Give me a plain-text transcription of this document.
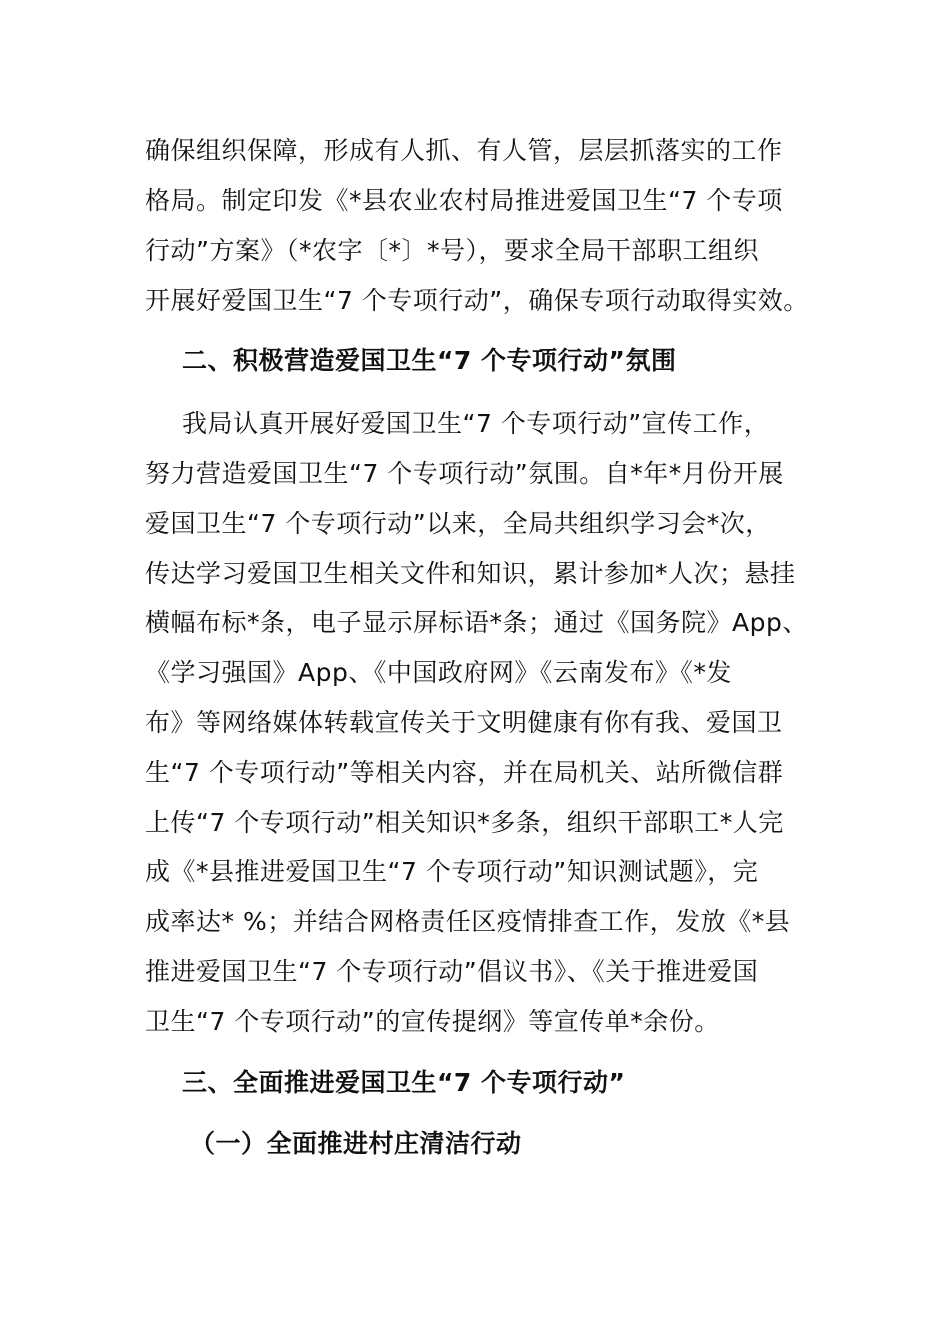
确保组织保障，形成有人抓、有人管，层层抓落实的工作
格局。制定印发《*县农业农村局推进爱国卫生“7 个专项
行动”方案》（*农字〔*〕*号），要求全局干部职工组织
开展好爱国卫生“7 个专项行动”，确保专项行动取得实效。
二、积极营造爱国卫生“7 个专项行动”氛围
我局认真开展好爱国卫生“7 个专项行动”宣传工作，
努力营造爱国卫生“7 个专项行动”氛围。自*年*月份开展
爱国卫生“7 个专项行动”以来，全局共组织学习会*次，
传达学习爱国卫生相关文件和知识，累计参加*人次；悬挂
横幅布标*条，电子显示屏标语*条；通过《国务院》App、
《学习强国》App、《中国政府网》《云南发布》《*发
布》等网络媒体转载宣传关于文明健康有你有我、爱国卫
生“7 个专项行动”等相关内容，并在局机关、站所微信群
上传“7 个专项行动”相关知识*多条，组织干部职工*人完
成《*县推进爱国卫生“7 个专项行动”知识测试题》，完
成率达* %；并结合网格责任区疫情排查工作，发放《*县
推进爱国卫生“7 个专项行动”倡议书》、《关于推进爱国
卫生“7 个专项行动”的宣传提纲》等宣传单*余份。
三、全面推进爱国卫生“7 个专项行动”
（一）全面推进村庄清洁行动
